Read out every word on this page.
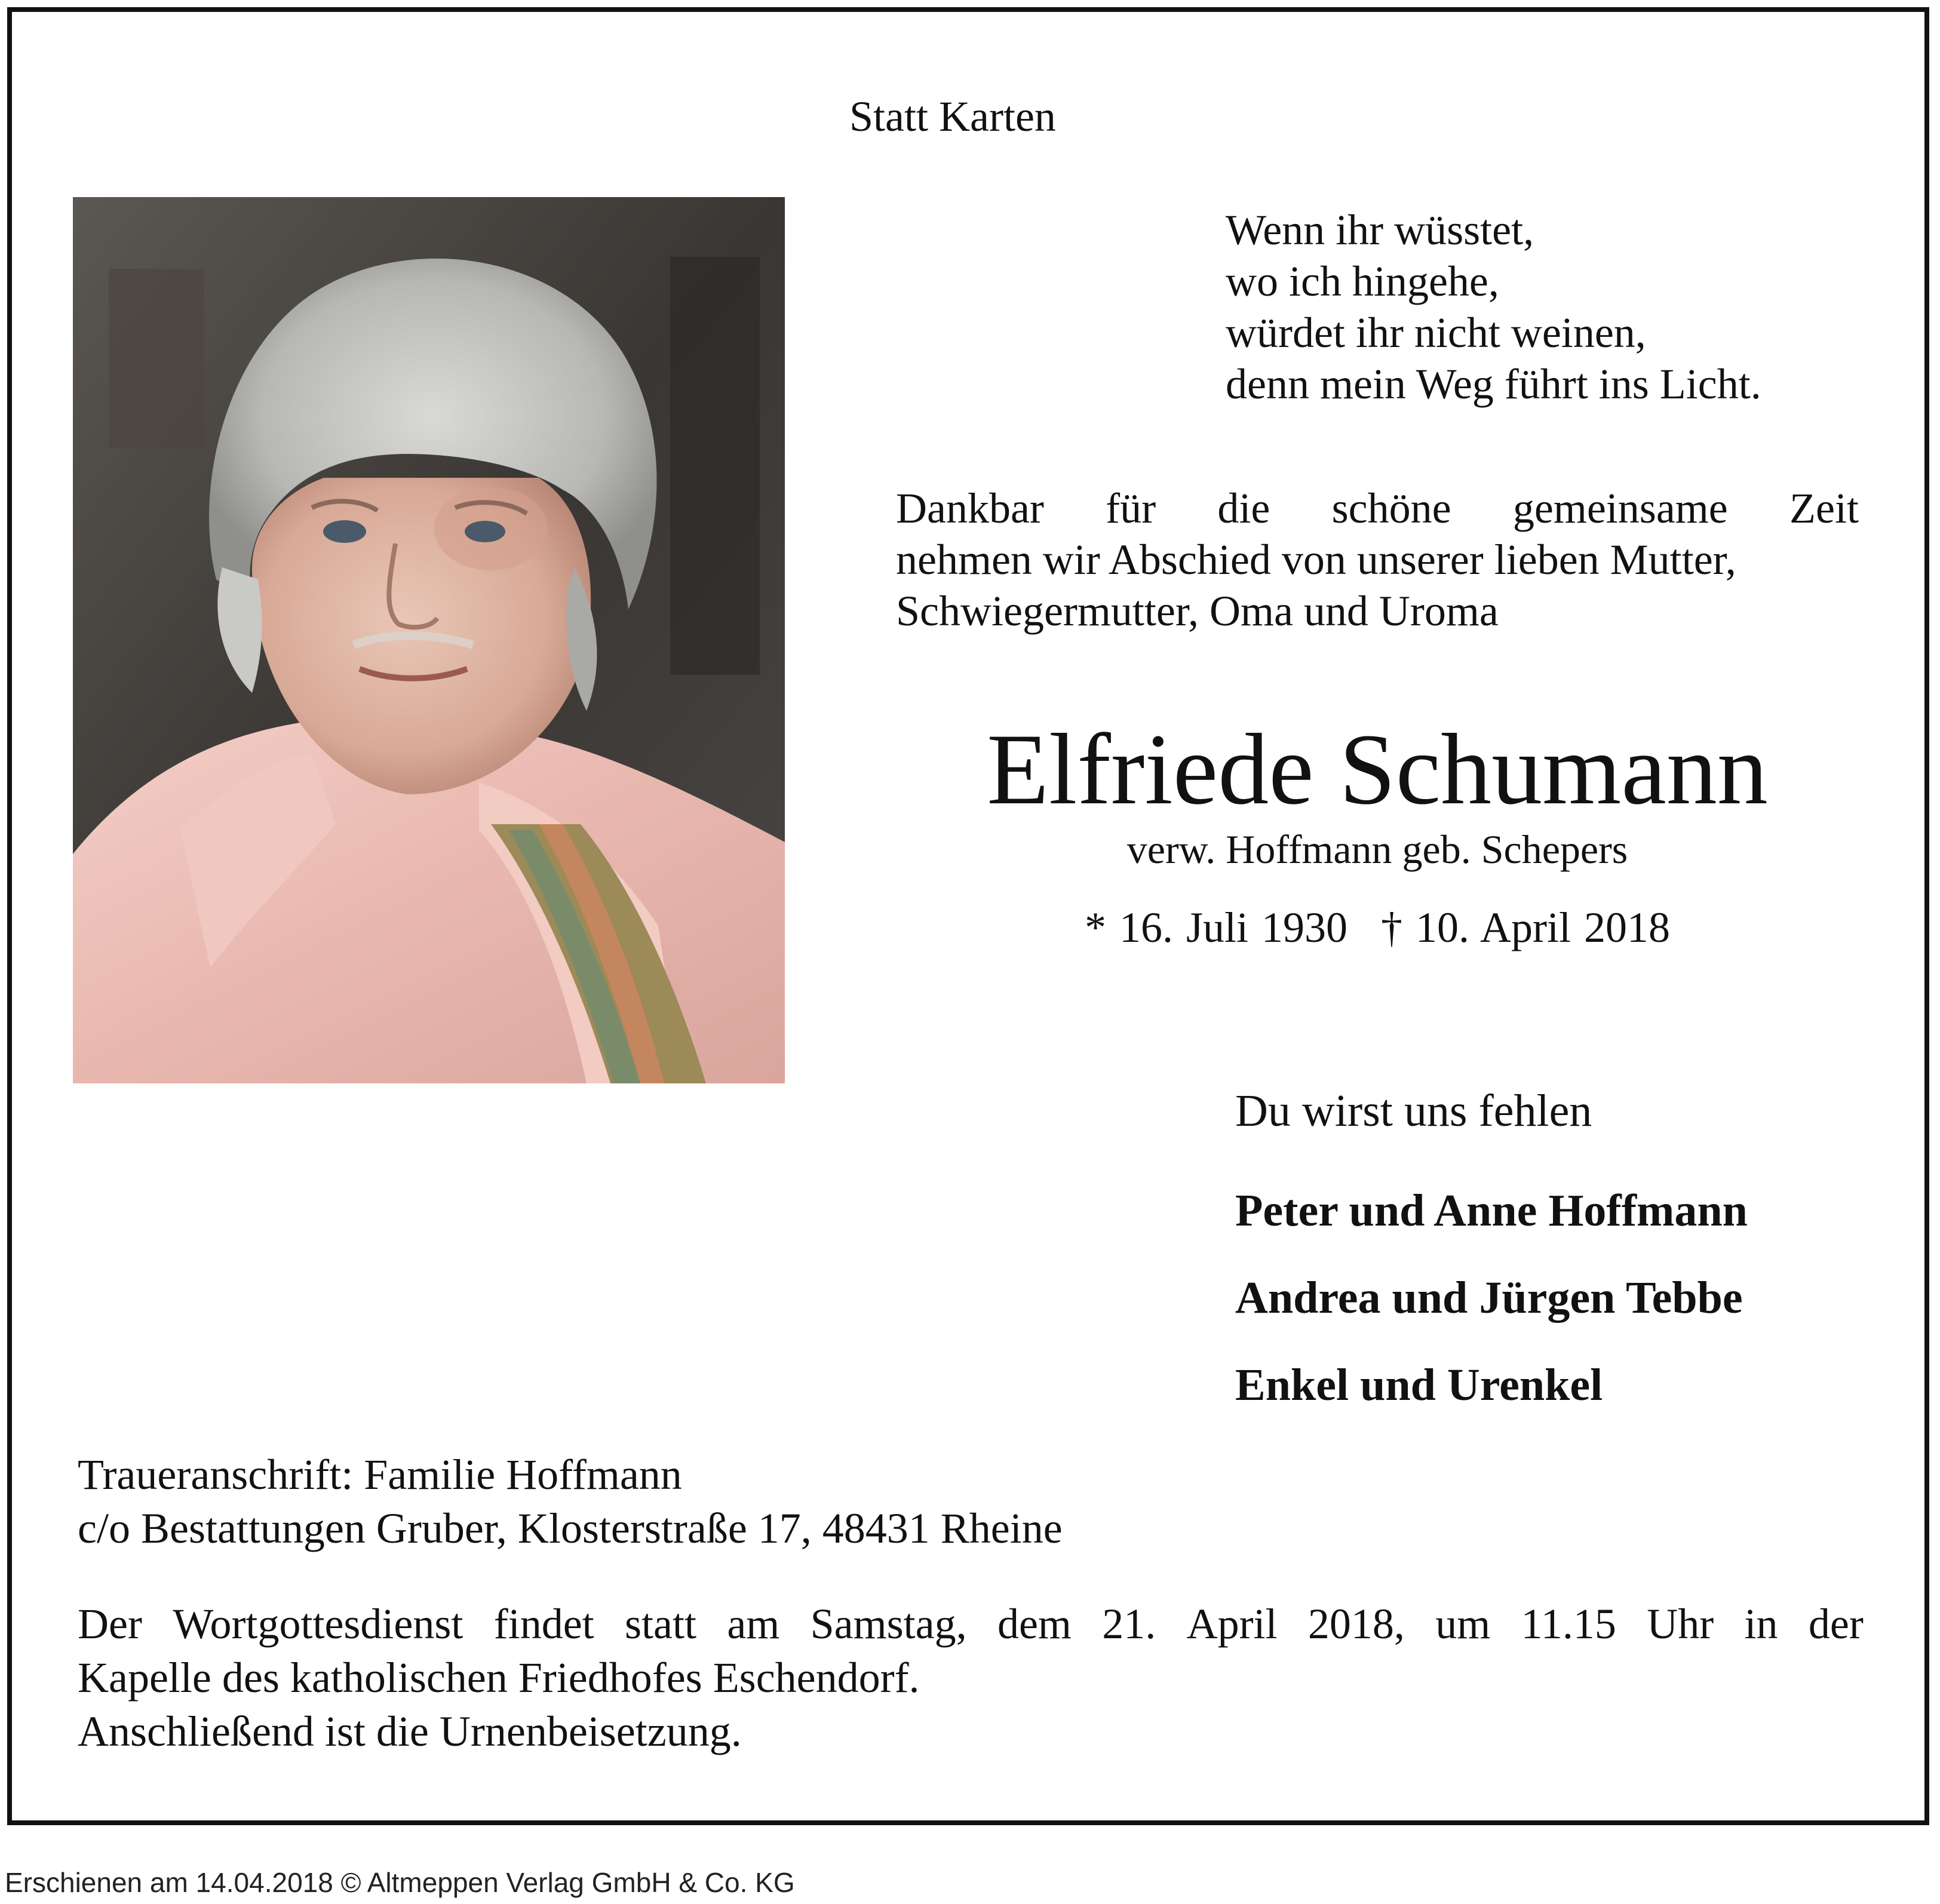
Statt Karten
Wenn ihr wüsstet,
wo ich hingehe,
würdet ihr nicht weinen,
denn mein Weg führt ins Licht.
Dankbar für die schöne gemeinsame Zeit
nehmen wir Abschied von unserer lieben Mutter,
Schwiegermutter, Oma und Uroma
Elfriede Schumann
verw. Hoffmann geb. Schepers
* 16. Juli 1930 † 10. April 2018
Du wirst uns fehlen
Peter und Anne Hoffmann
Andrea und Jürgen Tebbe
Enkel und Urenkel
Traueranschrift: Familie Hoffmann
c/o Bestattungen Gruber, Klosterstraße 17, 48431 Rheine
Der Wortgottesdienst findet statt am Samstag, dem 21. April 2018, um 11.15 Uhr in der
Kapelle des katholischen Friedhofes Eschendorf.
Anschließend ist die Urnenbeisetzung.
Erschienen am 14.04.2018 © Altmeppen Verlag GmbH & Co. KG
